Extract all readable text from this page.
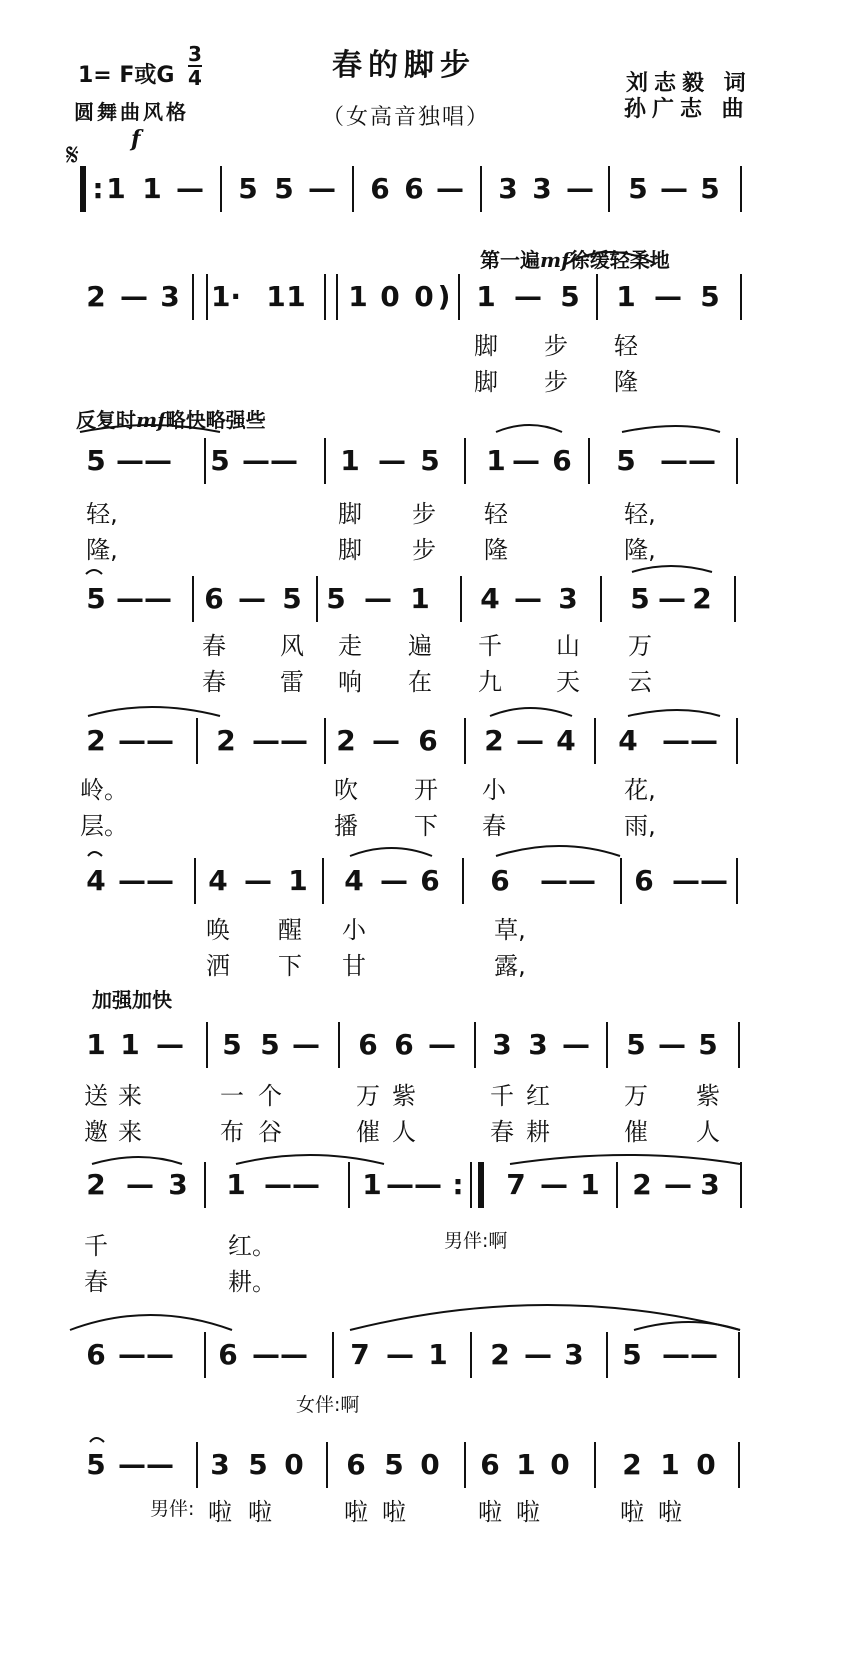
1= F或G
3
4
圆舞曲风格
春的脚步
（女高音独唱）
刘志毅 词
孙广志 曲
f
𝄋
第一遍mf徐缓轻柔地
反复时mf略快略强些
加强加快
: 1 1 — 5 5 — 6 6 — 3 3 — 5 — 5
2 — 3 1· 1 1 1 0 0 ) 1 — 5 1 — 5
5 —— 5 —— 1 — 5 1 — 6 5 ——
5 —— 6 — 5 5 — 1 4 — 3 5 — 2
2 —— 2 —— 2 — 6 2 — 4 4 ——
4 —— 4 — 1 4 — 6 6 —— 6 ——
1 1 — 5 5 — 6 6 — 3 3 — 5 — 5
2 — 3 1 —— 1 —— : 7 — 1 2 — 3
6 —— 6 —— 7 — 1 2 — 3 5 ——
5 —— 3 5 0 6 5 0 6 1 0 2 1 0
脚 步 轻
脚 步 隆
轻,	脚 步 轻	轻,
隆,	脚 步 隆	隆,
春 风 走 遍 千 山 万
春 雷 响 在 九 天 云
岭。	吹 开 小	花,
层。	播 下 春	雨,
唤 醒 小	草,
洒 下 甘	露,
送 来	一 个	万 紫	千 红	万 紫
邀 来	布 谷	催 人	春 耕	催 人
千	红。
春	耕。
男伴:啊
女伴:啊
啦 啦	啦 啦	啦 啦	啦 啦
男伴:
